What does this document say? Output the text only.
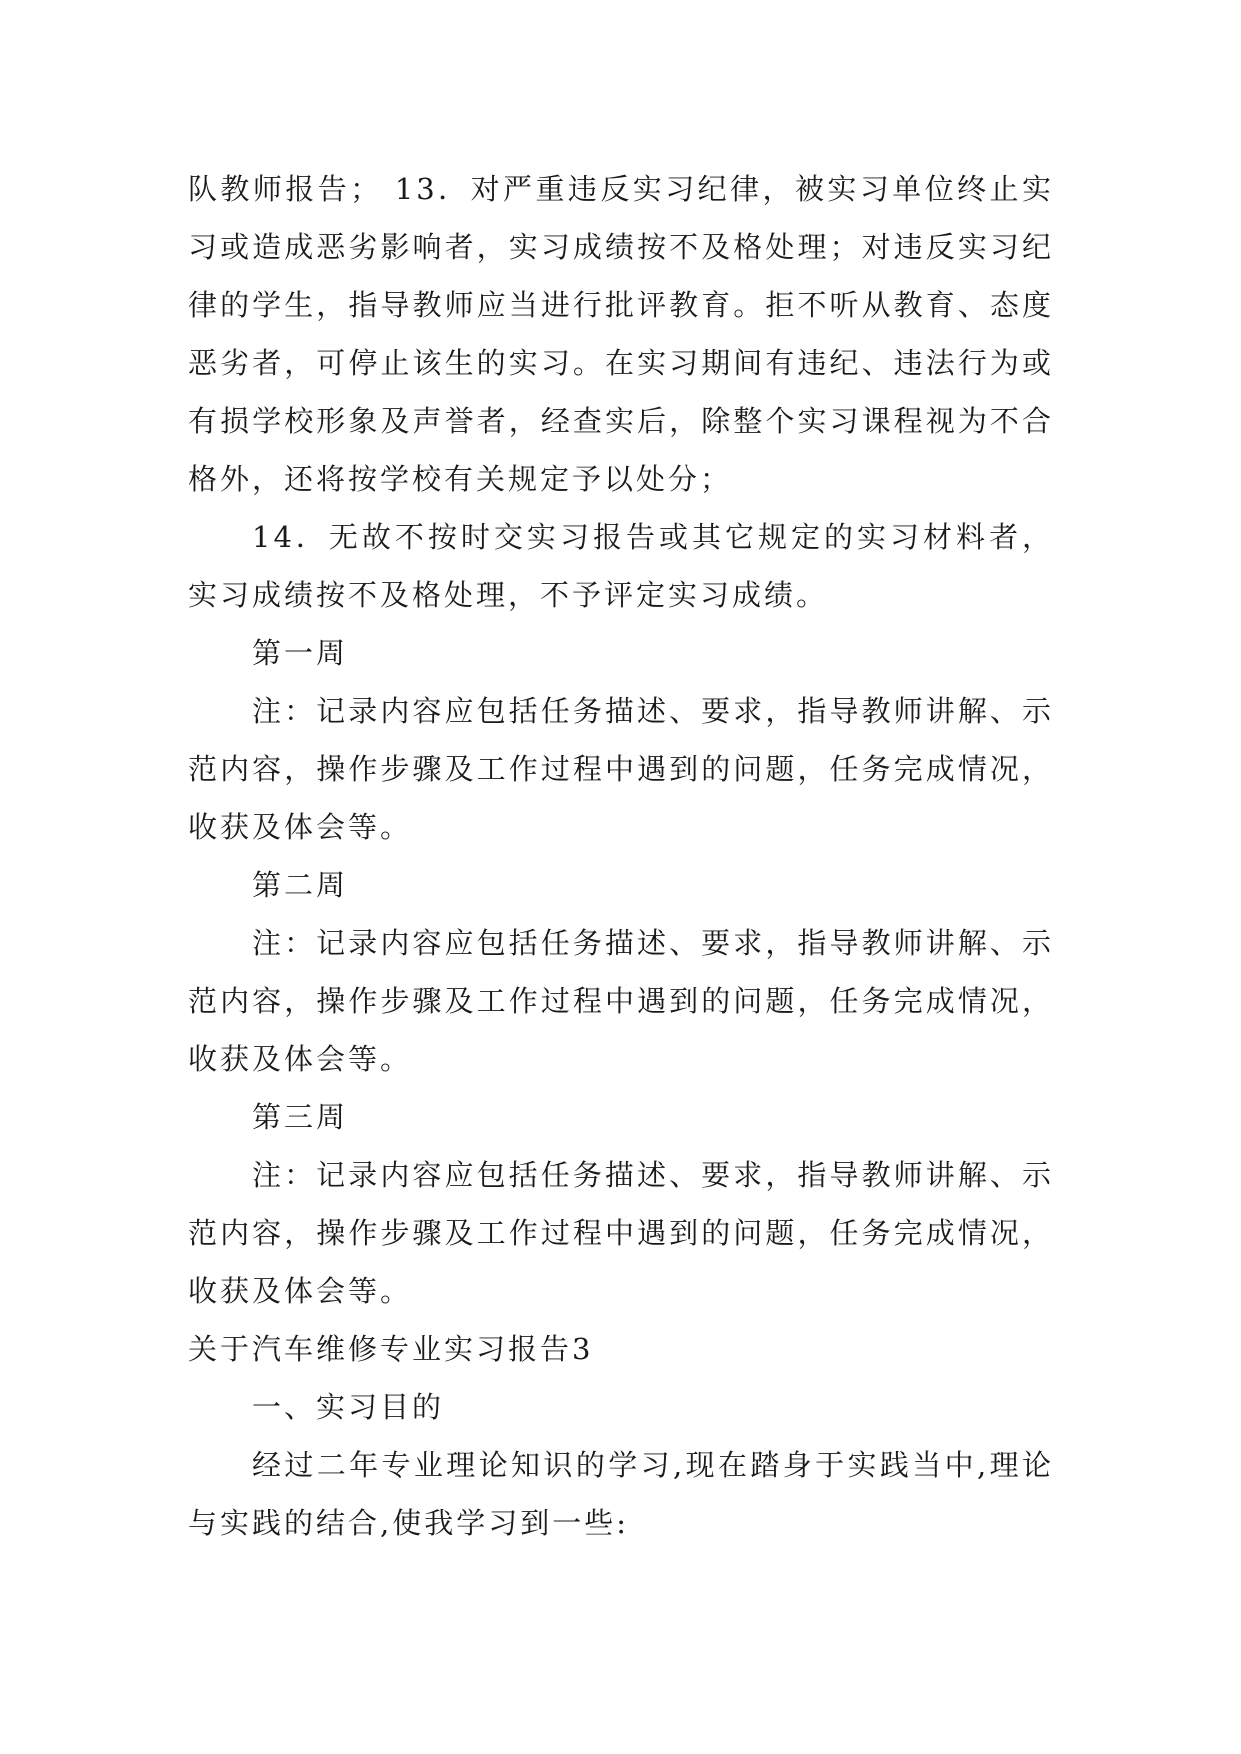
队教师报告； 13．对严重违反实习纪律，被实习单位终止实习或造成恶劣影响者，实习成绩按不及格处理；对违反实习纪律的学生，指导教师应当进行批评教育。拒不听从教育、态度恶劣者，可停止该生的实习。在实习期间有违纪、违法行为或有损学校形象及声誉者，经查实后，除整个实习课程视为不合格外，还将按学校有关规定予以处分；

14．无故不按时交实习报告或其它规定的实习材料者，实习成绩按不及格处理，不予评定实习成绩。

第一周

注：记录内容应包括任务描述、要求，指导教师讲解、示范内容，操作步骤及工作过程中遇到的问题，任务完成情况，收获及体会等。

第二周

注：记录内容应包括任务描述、要求，指导教师讲解、示范内容，操作步骤及工作过程中遇到的问题，任务完成情况，收获及体会等。

第三周

注：记录内容应包括任务描述、要求，指导教师讲解、示范内容，操作步骤及工作过程中遇到的问题，任务完成情况，收获及体会等。

关于汽车维修专业实习报告3

一、实习目的

经过二年专业理论知识的学习,现在踏身于实践当中,理论与实践的结合,使我学习到一些:
